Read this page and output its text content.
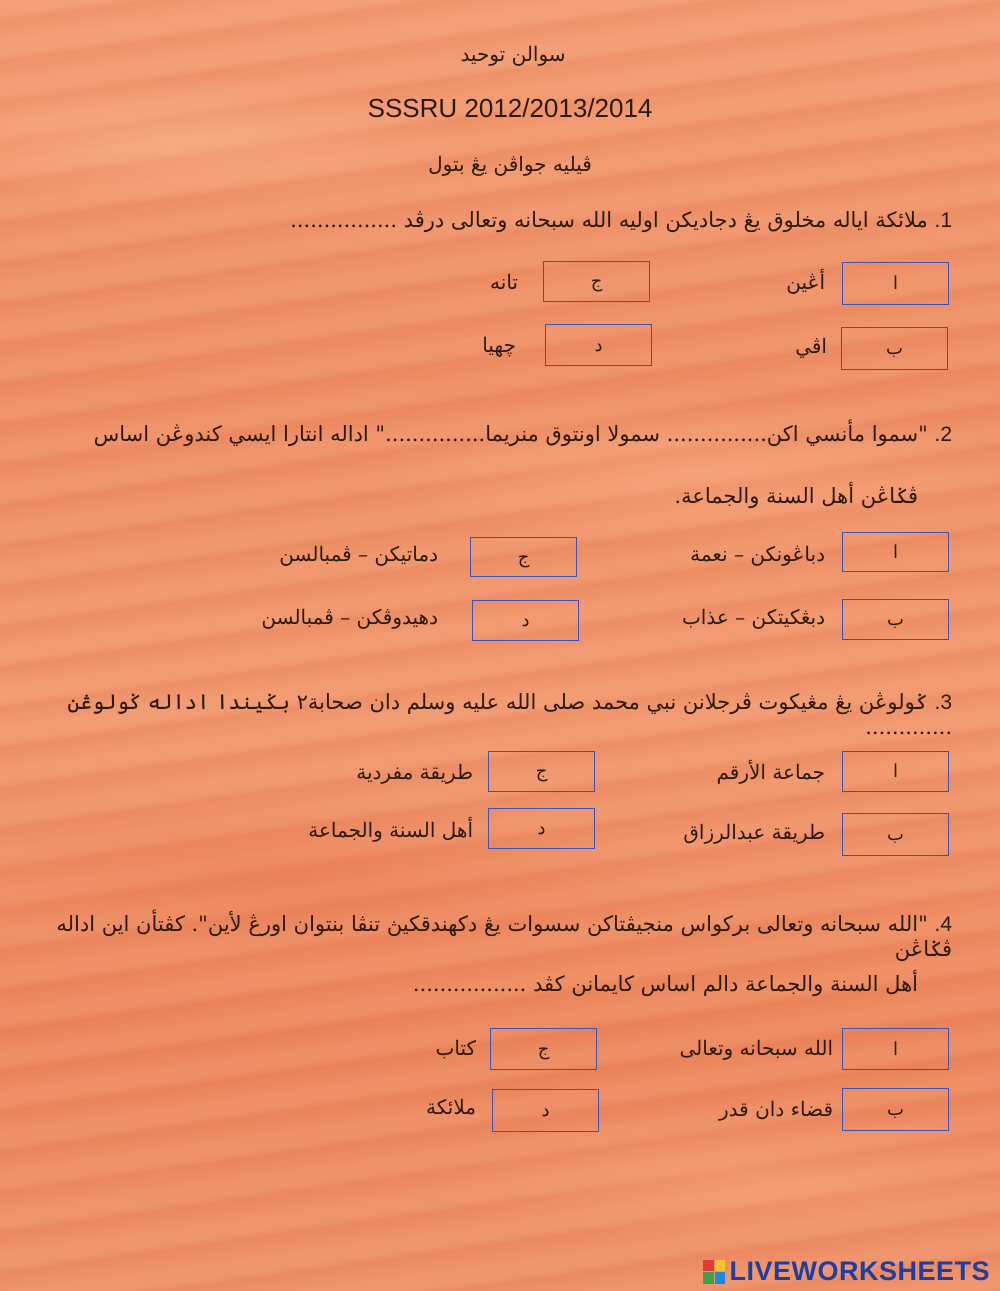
سوالن توحيد
SSSRU 2012/2013/2014
ڤيليه جواڤن يڠ بتول
1. ملائكة اياله مخلوق يڠ دجاديكن اوليه الله سبحانه وتعالى درڤد ................
ا
أڠين
ج
تانه
ب
اڤي
د
چهيا
2. "سموا مأنسي اكن............... سمولا اونتوق منريما..............." اداله انتارا ايسي كندوڠن اساس
ڤݢاڠن أهل السنة والجماعة.
ا
دباڠونكن – نعمة
ج
دماتيكن – ڤمبالسن
ب
دبڠكيتكن – عذاب
د
دهيدوڤكن – ڤمبالسن
3. ݢولوڠن يڠ مڠيكوت ڤرجلانن نبي محمد صلى الله عليه وسلم دان صحابة٢ بݢيندا اداله ݢولوڠن .............
ا
جماعة الأرقم
ج
طريقة مفردية
ب
طريقة عبدالرزاق
د
أهل السنة والجماعة
4. "الله سبحانه وتعالى بركواس منجيڤتاكن سسوات يڠ دكهندقكيڽ تنڤا بنتوان اورڠ لأين". كڤتأن اين اداله ڤݢاڠن
أهل السنة والجماعة دالم اساس كايمانن كڤد .................
ا
الله سبحانه وتعالى
ج
كتاب
ب
قضاء دان قدر
د
ملائكة
LIVEWORKSHEETS
